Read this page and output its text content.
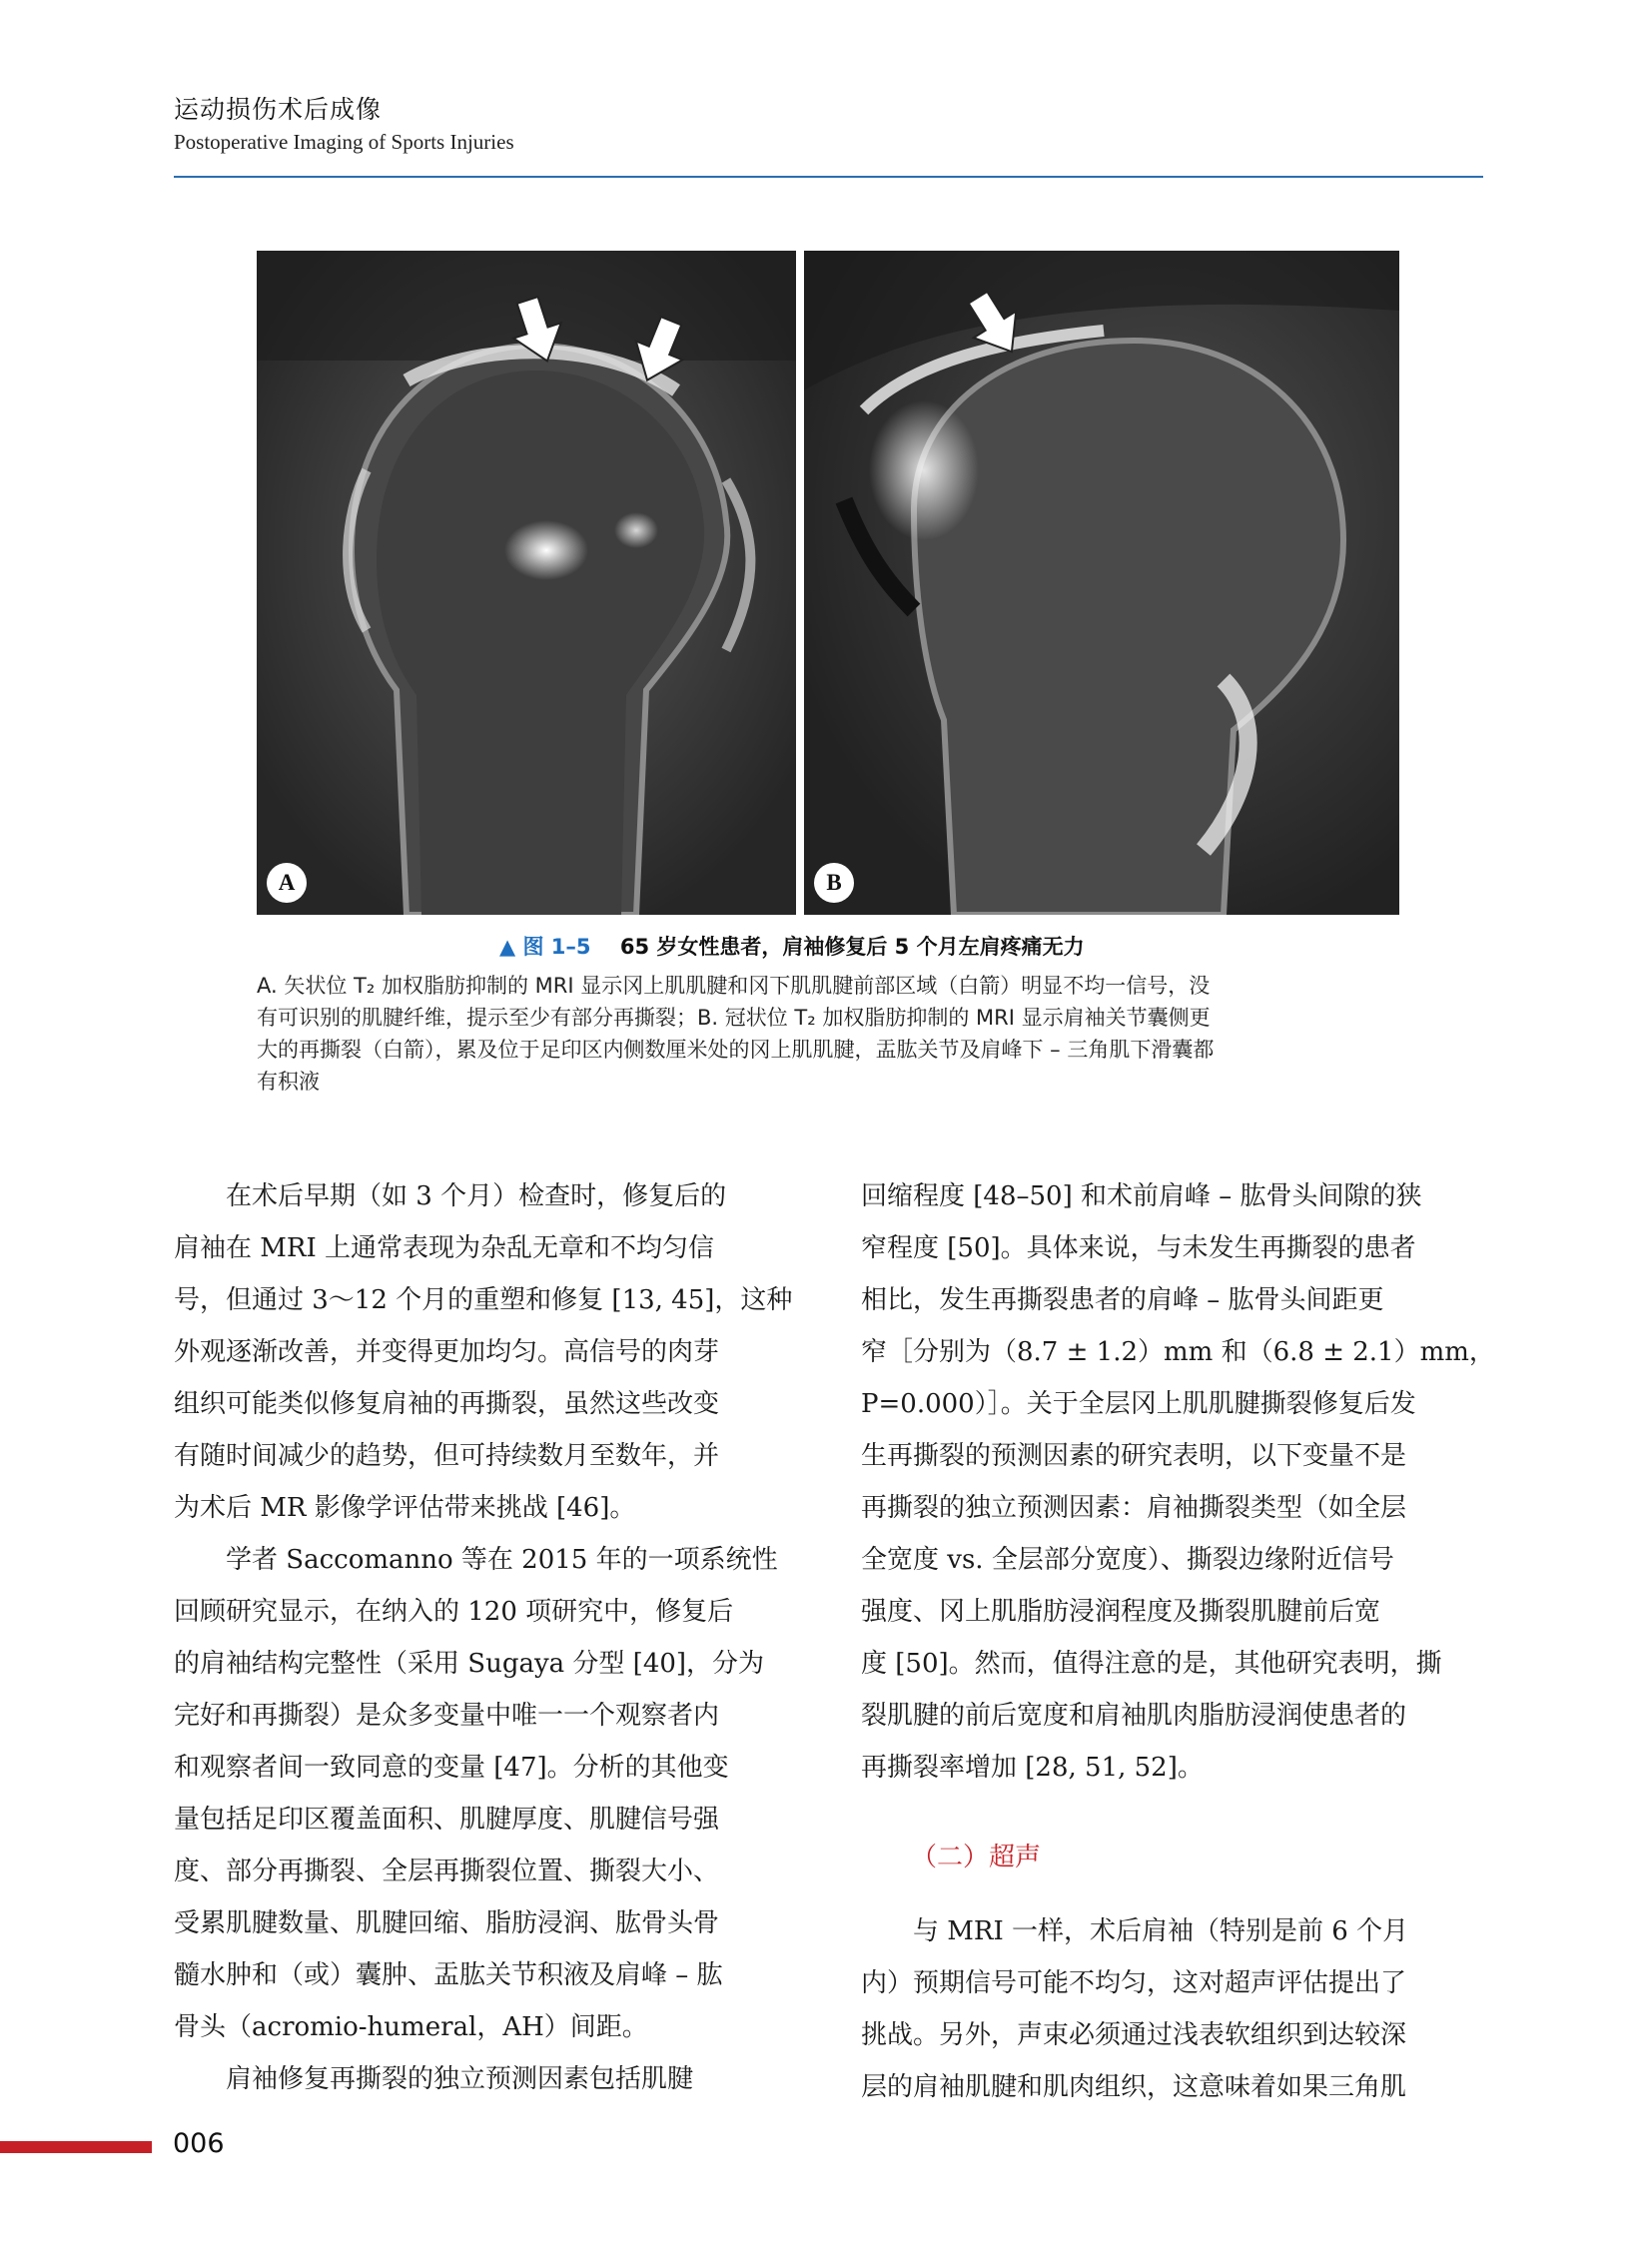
运动损伤术后成像
Postoperative Imaging of Sports Injuries
A	B
▲ 图 1–5 65 岁女性患者，肩袖修复后 5 个月左肩疼痛无力

A. 矢状位 T₂ 加权脂肪抑制的 MRI 显示冈上肌肌腱和冈下肌肌腱前部区域（白箭）明显不均一信号，没

有可识别的肌腱纤维，提示至少有部分再撕裂；B. 冠状位 T₂ 加权脂肪抑制的 MRI 显示肩袖关节囊侧更

大的再撕裂（白箭），累及位于足印区内侧数厘米处的冈上肌肌腱，盂肱关节及肩峰下 – 三角肌下滑囊都

有积液

　　在术后早期（如 3 个月）检查时，修复后的

肩袖在 MRI 上通常表现为杂乱无章和不均匀信

号，但通过 3～12 个月的重塑和修复 [13, 45]，这种

外观逐渐改善，并变得更加均匀。高信号的肉芽

组织可能类似修复肩袖的再撕裂，虽然这些改变

有随时间减少的趋势，但可持续数月至数年，并

为术后 MR 影像学评估带来挑战 [46]。

　　学者 Saccomanno 等在 2015 年的一项系统性

回顾研究显示，在纳入的 120 项研究中，修复后

的肩袖结构完整性（采用 Sugaya 分型 [40]，分为

完好和再撕裂）是众多变量中唯一一个观察者内

和观察者间一致同意的变量 [47]。分析的其他变

量包括足印区覆盖面积、肌腱厚度、肌腱信号强

度、部分再撕裂、全层再撕裂位置、撕裂大小、

受累肌腱数量、肌腱回缩、脂肪浸润、肱骨头骨

髓水肿和（或）囊肿、盂肱关节积液及肩峰 – 肱

骨头（acromio-humeral，AH）间距。

　　肩袖修复再撕裂的独立预测因素包括肌腱

回缩程度 [48–50] 和术前肩峰 – 肱骨头间隙的狭

窄程度 [50]。具体来说，与未发生再撕裂的患者

相比，发生再撕裂患者的肩峰 – 肱骨头间距更

窄［分别为（8.7 ± 1.2）mm 和（6.8 ± 2.1）mm，

P=0.000）］。关于全层冈上肌肌腱撕裂修复后发

生再撕裂的预测因素的研究表明，以下变量不是

再撕裂的独立预测因素：肩袖撕裂类型（如全层

全宽度 vs. 全层部分宽度）、撕裂边缘附近信号

强度、冈上肌脂肪浸润程度及撕裂肌腱前后宽

度 [50]。然而，值得注意的是，其他研究表明，撕

裂肌腱的前后宽度和肩袖肌肉脂肪浸润使患者的

再撕裂率增加 [28, 51, 52]。

（二）超声

　　与 MRI 一样，术后肩袖（特别是前 6 个月

内）预期信号可能不均匀，这对超声评估提出了

挑战。另外，声束必须通过浅表软组织到达较深

层的肩袖肌腱和肌肉组织，这意味着如果三角肌

006
